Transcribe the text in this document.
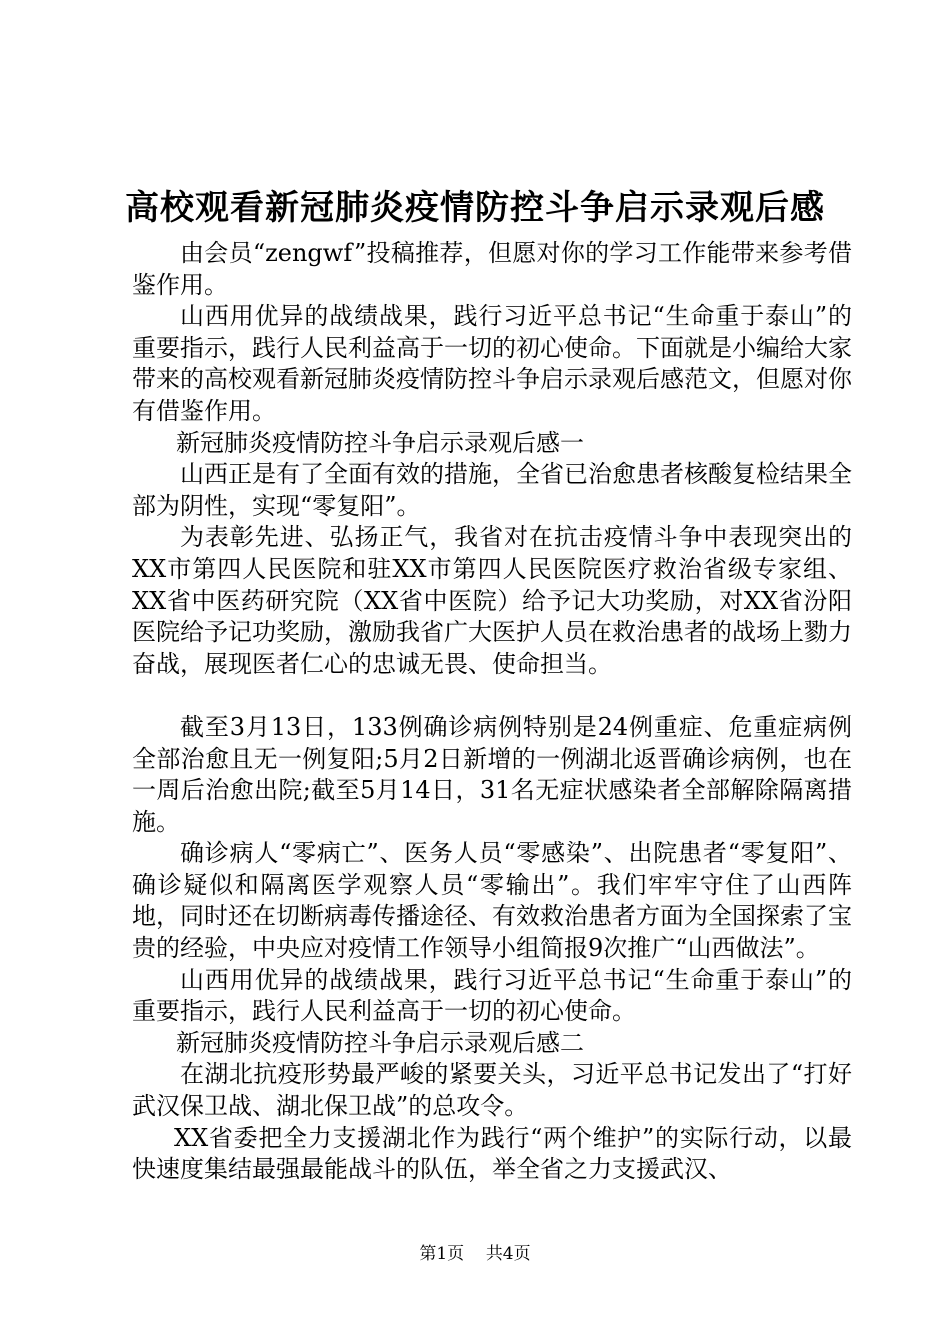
高校观看新冠肺炎疫情防控斗争启示录观后感

由会员“zengwf”投稿推荐，但愿对你的学习工作能带来参考借鉴作用。

山西用优异的战绩战果，践行习近平总书记“生命重于泰山”的重要指示，践行人民利益高于一切的初心使命。下面就是小编给大家带来的高校观看新冠肺炎疫情防控斗争启示录观后感范文，但愿对你有借鉴作用。

新冠肺炎疫情防控斗争启示录观后感一

山西正是有了全面有效的措施，全省已治愈患者核酸复检结果全部为阴性，实现“零复阳”。

为表彰先进、弘扬正气，我省对在抗击疫情斗争中表现突出的XX市第四人民医院和驻XX市第四人民医院医疗救治省级专家组、XX省中医药研究院（XX省中医院）给予记大功奖励，对XX省汾阳医院给予记功奖励，激励我省广大医护人员在救治患者的战场上勠力奋战，展现医者仁心的忠诚无畏、使命担当。

截至3月13日，133例确诊病例特别是24例重症、危重症病例全部治愈且无一例复阳;5月2日新增的一例湖北返晋确诊病例，也在一周后治愈出院;截至5月14日，31名无症状感染者全部解除隔离措施。

确诊病人“零病亡”、医务人员“零感染”、出院患者“零复阳”、确诊疑似和隔离医学观察人员“零输出”。我们牢牢守住了山西阵地，同时还在切断病毒传播途径、有效救治患者方面为全国探索了宝贵的经验，中央应对疫情工作领导小组简报9次推广“山西做法”。

山西用优异的战绩战果，践行习近平总书记“生命重于泰山”的重要指示，践行人民利益高于一切的初心使命。

新冠肺炎疫情防控斗争启示录观后感二

在湖北抗疫形势最严峻的紧要关头，习近平总书记发出了“打好武汉保卫战、湖北保卫战”的总攻令。

XX省委把全力支援湖北作为践行“两个维护”的实际行动，以最快速度集结最强最能战斗的队伍，举全省之力支援武汉、

第1页 共4页
